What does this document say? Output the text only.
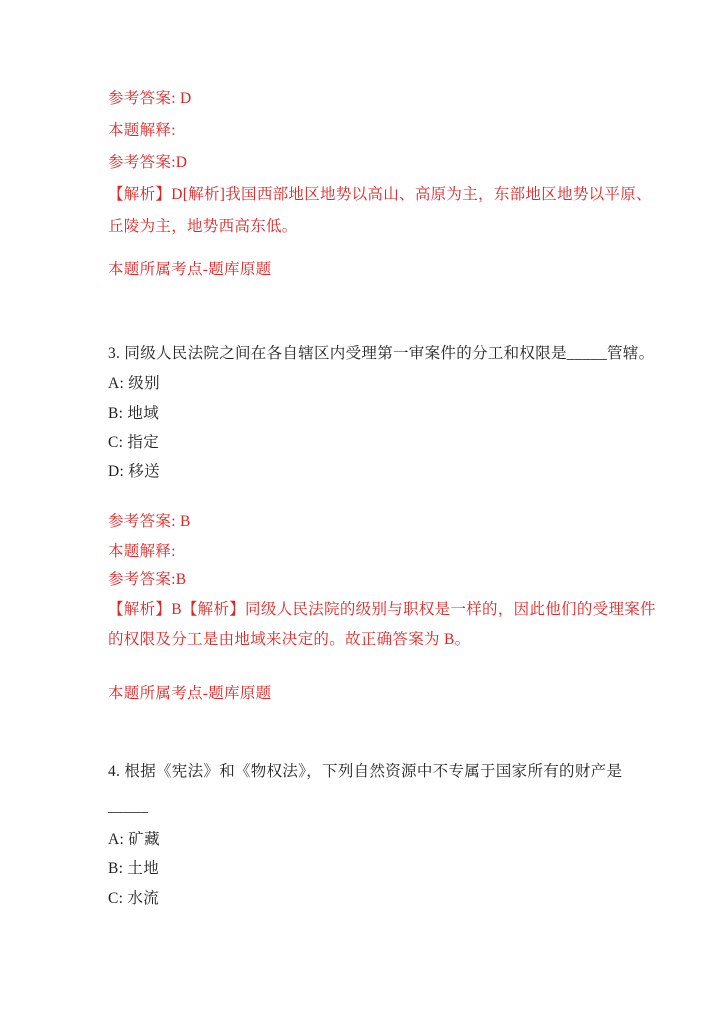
参考答案: D
本题解释:
参考答案:D
【解析】D[解析]我国西部地区地势以高山、高原为主，东部地区地势以平原、
丘陵为主，地势西高东低。
本题所属考点-题库原题
3. 同级人民法院之间在各自辖区内受理第一审案件的分工和权限是_____管辖。
A: 级别
B: 地域
C: 指定
D: 移送
参考答案: B
本题解释:
参考答案:B
【解析】B【解析】同级人民法院的级别与职权是一样的，因此他们的受理案件
的权限及分工是由地域来决定的。故正确答案为 B。
本题所属考点-题库原题
4. 根据《宪法》和《物权法》，下列自然资源中不专属于国家所有的财产是
_____
A: 矿藏
B: 土地
C: 水流
